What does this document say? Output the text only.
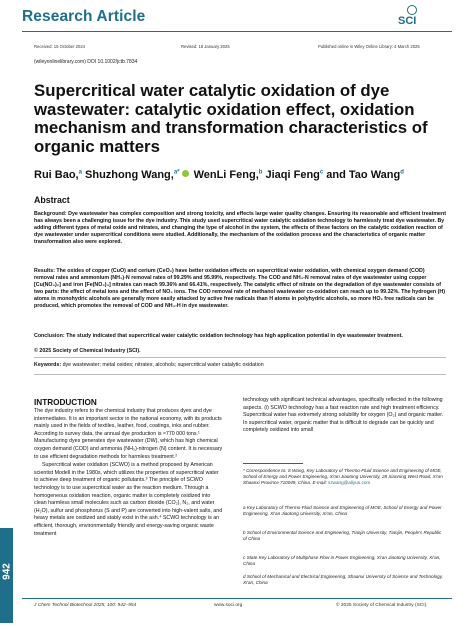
Research Article	SCI
Received: 15 October 2024	Revised: 18 January 2025	Published online in Wiley Online Library: 4 March 2025
(wileyonlinelibrary.com) DOI 10.1002/jctb.7834
Supercritical water catalytic oxidation of dye wastewater: catalytic oxidation effect, oxidation mechanism and transformation characteristics of organic matters
Rui Bao,$^a$ Shuzhong Wang,$^{a*}$ WenLi Feng,$^b$ Jiaqi Feng$^c$ and Tao Wang$^d$
Abstract

Background: Dye wastewater has complex composition and strong toxicity, and effects large water quality changes. Ensuring its reasonable and efficient treatment has always been a challenging issue for the dye industry. This study used supercritical water catalytic oxidation technology to harmlessly treat dye wastewater. By adding different types of metal oxide and nitrates, and changing the type of alcohol in the system, the effects of these factors on the catalytic oxidation reaction of dye wastewater under supercritical conditions were studied. Additionally, the mechanism of the oxidation process and the characteristics of organic matter transformation also were explored.

Results: The oxides of copper (CuO) and cerium (CeO₂) have better oxidation effects on supercritical water oxidation, with chemical oxygen demand (COD) removal rates and ammonium (NH₃)-N removal rates of 99.29% and 95.99%, respectively. The COD and NH₃-N removal rates of dye wastewater using copper [Cu(NO₃)₂] and iron [Fe(NO₃)₃] nitrates can reach 99.36% and 66.41%, respectively. The catalytic effect of nitrate on the degradation of dye wastewater consists of two parts: the effect of metal ions and the effect of NO₃ ions. The COD removal rate of methanol wastewater co-oxidation can reach up to 99.32%. The hydrogen (H) atoms in monohydric alcohols are generally more easily attacked by active free radicals than H atoms in polyhydric alcohols, so more HO₂ free radicals can be produced, which promotes the removal of COD and NH₃-H in dye wastewater.

Conclusion: The study indicated that supercritical water catalytic oxidation technology has high application potential in dye wastewater treatment.

© 2025 Society of Chemical Industry (SCI).

Keywords: dye wastewater; metal oxides; nitrates; alcohols; supercritical water catalytic oxidation
INTRODUCTION

The dye industry refers to the chemical industry that produces dyes and dye intermediates. It is an important sector in the national economy, with its products mainly used in the fields of textiles, leather, food, coatings, inks and rubber. According to survey data, the annual dye production is ≈770 000 tons.¹ Manufacturing dyes generates dye wastewater (DW), which has high chemical oxygen demand (COD) and ammonia (NH₃)-nitrogen (N) content. It is necessary to use efficient degradation methods for harmless treatment.²

Supercritical water oxidation (SCWO) is a method proposed by American scientist Modell in the 1980s, which utilizes the properties of supercritical water to achieve deep treatment of organic pollutants.³ The principle of SCWO technology is to use supercritical water as the reaction medium. Through a homogeneous oxidation reaction, organic matter is completely oxidized into clean harmless small molecules such as carbon dioxide (CO₂), N₂, and water (H₂O), sulfur and phosphorus (S and P) are converted into high-valent salts, and heavy metals are oxidized and stably exist in the ash.⁴ SCWO technology is an efficient, thorough, environmentally friendly and energy-saving organic waste treatment

technology with significant technical advantages, specifically reflected in the following aspects. (i) SCWO technology has a fast reaction rate and high treatment efficiency. Supercritical water has extremely strong solubility for oxygen (O₂) and organic matter. In supercritical water, organic matter that is difficult to degrade can be quickly and completely oxidized into small

* Correspondence to: S Wang, Key Laboratory of Thermo-Fluid Science and Engineering of MOE, School of Energy and Power Engineering, Xi'an Jiaotong University, 28 Xianning West Road, Xi'an Shaanxi Province 710049, China. E-mail: szwang@aliyun.com
a Key Laboratory of Thermo-Fluid Science and Engineering of MOE, School of Energy and Power Engineering, Xi'an Jiaotong University, Xi'an, China
b School of Environmental Science and Engineering, Tianjin University, Tianjin, People's Republic of China
c State Key Laboratory of Multiphase Flow in Power Engineering, Xi'an Jiaotong University, Xi'an, China
d School of Mechanical and Electrical Engineering, Shaanxi University of Science and Technology, Xi'an, China
942
J Chem Technol Biotechnol 2025; 100: 942–954	www.soci.org	© 2025 Society of Chemical Industry (SCI).
